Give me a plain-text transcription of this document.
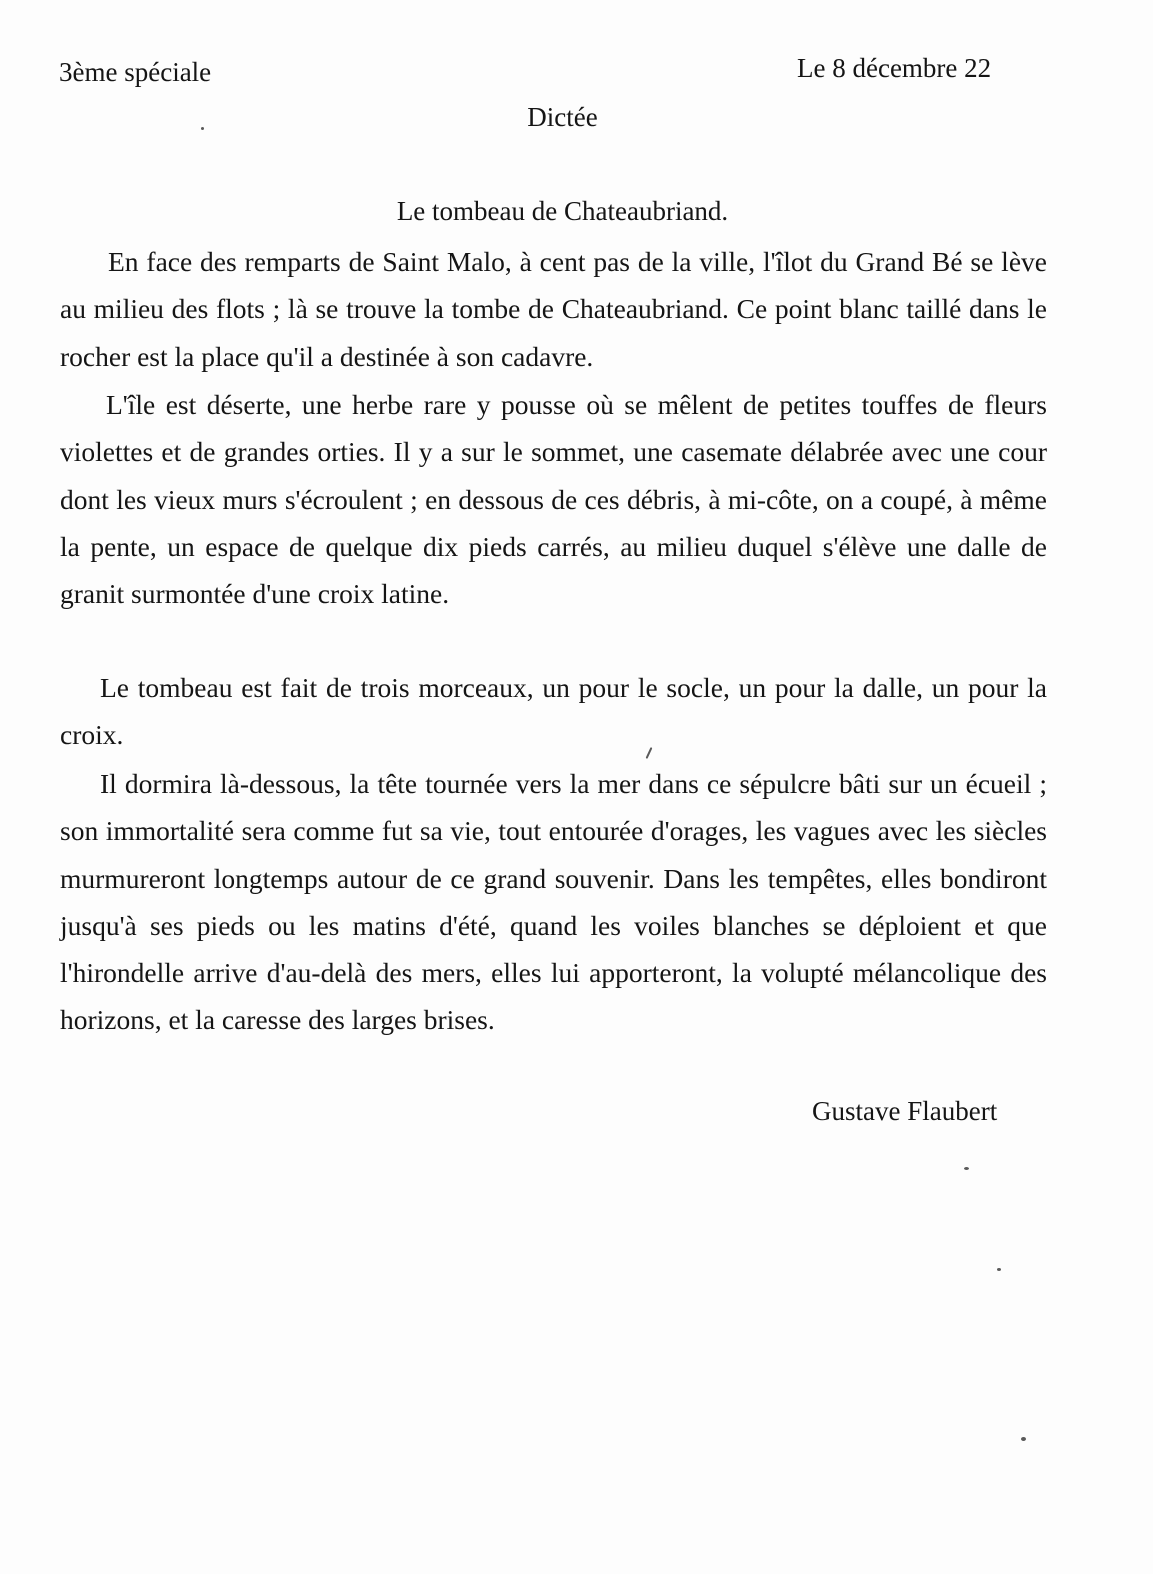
3ème spéciale	Le 8 décembre 22
Dictée
Le tombeau de Chateaubriand.

En face des remparts de Saint Malo, à cent pas de la ville, l'îlot du Grand Bé se lève au milieu des flots ; là se trouve la tombe de Chateaubriand. Ce point blanc taillé dans le rocher est la place qu'il a destinée à son cadavre.

L'île est déserte, une herbe rare y pousse où se mêlent de petites touffes de fleurs violettes et de grandes orties. Il y a sur le sommet, une casemate délabrée avec une cour dont les vieux murs s'écroulent ; en dessous de ces débris, à mi-côte, on a coupé, à même la pente, un espace de quelque dix pieds carrés, au milieu duquel s'élève une dalle de granit surmontée d'une croix latine.

Le tombeau est fait de trois morceaux, un pour le socle, un pour la dalle, un pour la croix.

Il dormira là-dessous, la tête tournée vers la mer dans ce sépulcre bâti sur un écueil ; son immortalité sera comme fut sa vie, tout entourée d'orages, les vagues avec les siècles murmureront longtemps autour de ce grand souvenir. Dans les tempêtes, elles bondiront jusqu'à ses pieds ou les matins d'été, quand les voiles blanches se déploient et que l'hirondelle arrive d'au-delà des mers, elles lui apporteront, la volupté mélancolique des horizons, et la caresse des larges brises.

Gustave Flaubert
